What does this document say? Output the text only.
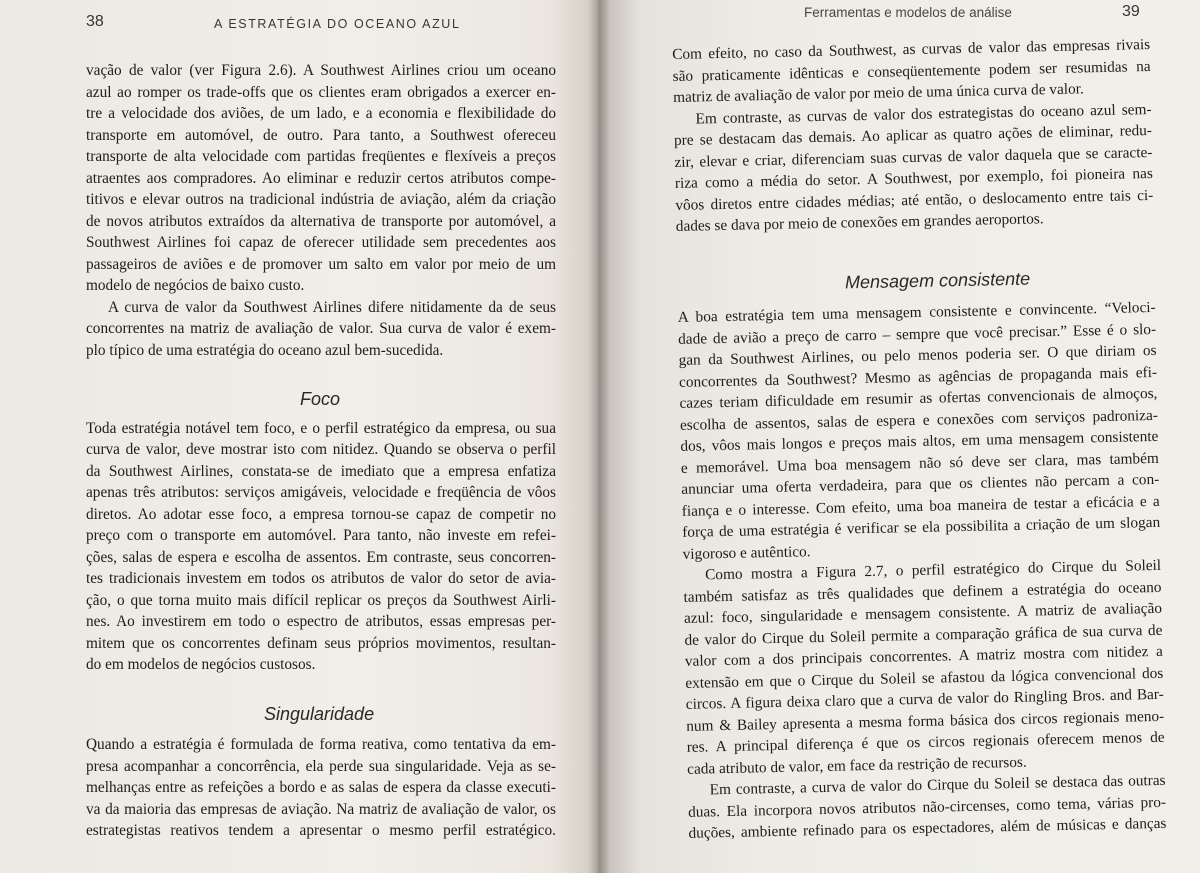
38	A ESTRATÉGIA DO OCEANO AZUL
vação de valor (ver Figura 2.6). A Southwest Airlines criou um oceano
azul ao romper os trade-offs que os clientes eram obrigados a exercer en-
tre a velocidade dos aviões, de um lado, e a economia e flexibilidade do
transporte em automóvel, de outro. Para tanto, a Southwest ofereceu
transporte de alta velocidade com partidas freqüentes e flexíveis a preços
atraentes aos compradores. Ao eliminar e reduzir certos atributos compe-
titivos e elevar outros na tradicional indústria de aviação, além da criação
de novos atributos extraídos da alternativa de transporte por automóvel, a
Southwest Airlines foi capaz de oferecer utilidade sem precedentes aos
passageiros de aviões e de promover um salto em valor por meio de um
modelo de negócios de baixo custo.
A curva de valor da Southwest Airlines difere nitidamente da de seus
concorrentes na matriz de avaliação de valor. Sua curva de valor é exem-
plo típico de uma estratégia do oceano azul bem-sucedida.
Foco
Toda estratégia notável tem foco, e o perfil estratégico da empresa, ou sua
curva de valor, deve mostrar isto com nitidez. Quando se observa o perfil
da Southwest Airlines, constata-se de imediato que a empresa enfatiza
apenas três atributos: serviços amigáveis, velocidade e freqüência de vôos
diretos. Ao adotar esse foco, a empresa tornou-se capaz de competir no
preço com o transporte em automóvel. Para tanto, não investe em refei-
ções, salas de espera e escolha de assentos. Em contraste, seus concorren-
tes tradicionais investem em todos os atributos de valor do setor de avia-
ção, o que torna muito mais difícil replicar os preços da Southwest Airli-
nes. Ao investirem em todo o espectro de atributos, essas empresas per-
mitem que os concorrentes definam seus próprios movimentos, resultan-
do em modelos de negócios custosos.
Singularidade
Quando a estratégia é formulada de forma reativa, como tentativa da em-
presa acompanhar a concorrência, ela perde sua singularidade. Veja as se-
melhanças entre as refeições a bordo e as salas de espera da classe executi-
va da maioria das empresas de aviação. Na matriz de avaliação de valor, os
estrategistas reativos tendem a apresentar o mesmo perfil estratégico.
Ferramentas e modelos de análise	39
Com efeito, no caso da Southwest, as curvas de valor das empresas rivais
são praticamente idênticas e conseqüentemente podem ser resumidas na
matriz de avaliação de valor por meio de uma única curva de valor.
Em contraste, as curvas de valor dos estrategistas do oceano azul sem-
pre se destacam das demais. Ao aplicar as quatro ações de eliminar, redu-
zir, elevar e criar, diferenciam suas curvas de valor daquela que se caracte-
riza como a média do setor. A Southwest, por exemplo, foi pioneira nas
vôos diretos entre cidades médias; até então, o deslocamento entre tais ci-
dades se dava por meio de conexões em grandes aeroportos.
Mensagem consistente
A boa estratégia tem uma mensagem consistente e convincente. “Veloci-
dade de avião a preço de carro – sempre que você precisar.” Esse é o slo-
gan da Southwest Airlines, ou pelo menos poderia ser. O que diriam os
concorrentes da Southwest? Mesmo as agências de propaganda mais efi-
cazes teriam dificuldade em resumir as ofertas convencionais de almoços,
escolha de assentos, salas de espera e conexões com serviços padroniza-
dos, vôos mais longos e preços mais altos, em uma mensagem consistente
e memorável. Uma boa mensagem não só deve ser clara, mas também
anunciar uma oferta verdadeira, para que os clientes não percam a con-
fiança e o interesse. Com efeito, uma boa maneira de testar a eficácia e a
força de uma estratégia é verificar se ela possibilita a criação de um slogan
vigoroso e autêntico.
Como mostra a Figura 2.7, o perfil estratégico do Cirque du Soleil
também satisfaz as três qualidades que definem a estratégia do oceano
azul: foco, singularidade e mensagem consistente. A matriz de avaliação
de valor do Cirque du Soleil permite a comparação gráfica de sua curva de
valor com a dos principais concorrentes. A matriz mostra com nitidez a
extensão em que o Cirque du Soleil se afastou da lógica convencional dos
circos. A figura deixa claro que a curva de valor do Ringling Bros. and Bar-
num & Bailey apresenta a mesma forma básica dos circos regionais meno-
res. A principal diferença é que os circos regionais oferecem menos de
cada atributo de valor, em face da restrição de recursos.
Em contraste, a curva de valor do Cirque du Soleil se destaca das outras
duas. Ela incorpora novos atributos não-circenses, como tema, várias pro-
duções, ambiente refinado para os espectadores, além de músicas e danças
